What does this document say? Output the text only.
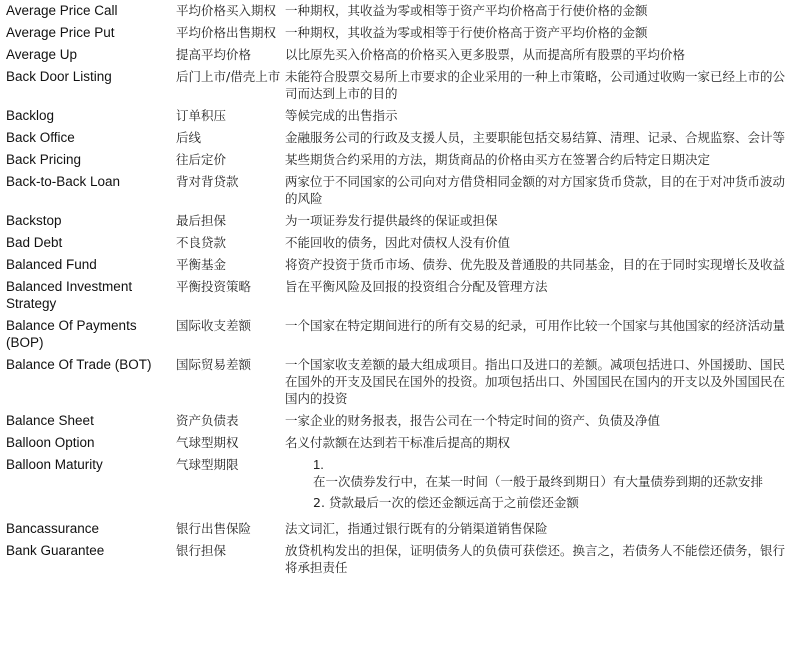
Average Price Call	平均价格买入期权	一种期权，其收益为零或相等于资产平均价格高于行使价格的金额
Average Price Put	平均价格出售期权	一种期权，其收益为零或相等于行使价格高于资产平均价格的金额
Average Up	提高平均价格	以比原先买入价格高的价格买入更多股票，从而提高所有股票的平均价格
Back Door Listing	后门上市/借壳上市	未能符合股票交易所上市要求的企业采用的一种上市策略，公司通过收购一家已经上市的公司而达到上市的目的
Backlog	订单积压	等候完成的出售指示
Back Office	后线	金融服务公司的行政及支援人员，主要职能包括交易结算、清理、记录、合规监察、会计等
Back Pricing	往后定价	某些期货合约采用的方法，期货商品的价格由买方在签署合约后特定日期决定
Back-to-Back Loan	背对背贷款	两家位于不同国家的公司向对方借贷相同金额的对方国家货币贷款，目的在于对冲货币波动的风险
Backstop	最后担保	为一项证券发行提供最终的保证或担保
Bad Debt	不良贷款	不能回收的债务，因此对债权人没有价值
Balanced Fund	平衡基金	将资产投资于货币市场、债券、优先股及普通股的共同基金，目的在于同时实现增长及收益
Balanced Investment Strategy	平衡投资策略	旨在平衡风险及回报的投资组合分配及管理方法
Balance Of Payments (BOP)	国际收支差额	一个国家在特定期间进行的所有交易的纪录，可用作比较一个国家与其他国家的经济活动量
Balance Of Trade (BOT)	国际贸易差额	一个国家收支差额的最大组成项目。指出口及进口的差额。减项包括进口、外国援助、国民在国外的开支及国民在国外的投资。加项包括出口、外国国民在国内的开支以及外国国民在国内的投资
Balance Sheet	资产负债表	一家企业的财务报表，报告公司在一个特定时间的资产、负债及净值
Balloon Option	气球型期权	名义付款额在达到若干标准后提高的期权
Balloon Maturity	气球型期限	1.
在一次债券发行中，在某一时间（一般于最终到期日）有大量债券到期的还款安排
2. 贷款最后一次的偿还金额远高于之前偿还金额

Bancassurance	银行出售保险	法文词汇，指通过银行既有的分销渠道销售保险
Bank Guarantee	银行担保	放贷机构发出的担保，证明债务人的负债可获偿还。换言之，若债务人不能偿还债务，银行将承担责任
